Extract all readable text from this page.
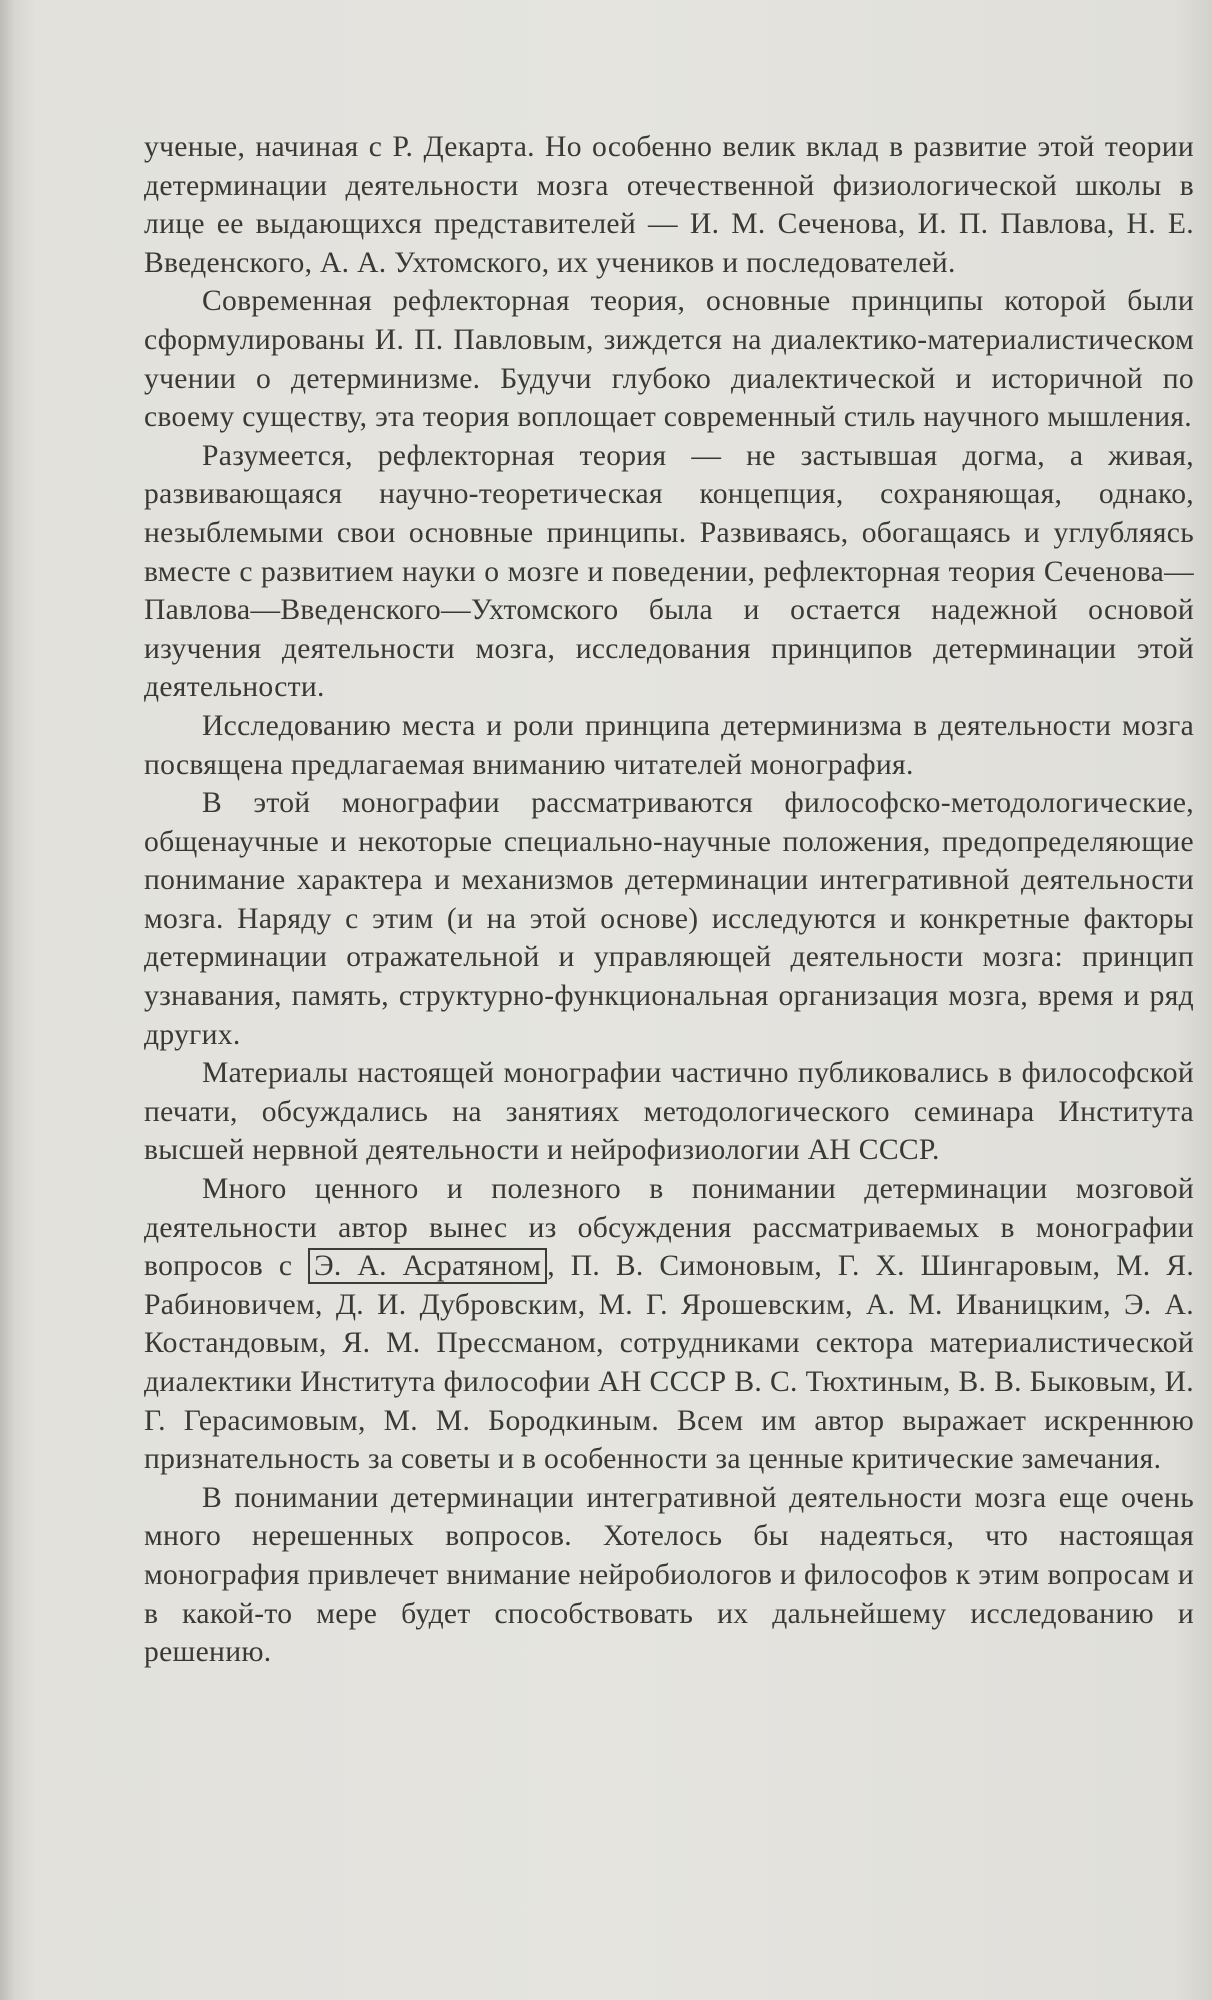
ученые, начиная с Р. Декарта. Но особенно велик вклад в развитие этой теории детерминации деятельности мозга отечественной физиологической школы в лице ее выдающихся представителей — И. М. Сеченова, И. П. Павлова, Н. Е. Введенского, А. А. Ухтомского, их учеников и последователей.

Современная рефлекторная теория, основные принципы которой были сформулированы И. П. Павловым, зиждется на диалектико-материалистическом учении о детерминизме. Будучи глубоко диалектической и историчной по своему существу, эта теория воплощает современный стиль научного мышления.

Разумеется, рефлекторная теория — не застывшая догма, а живая, развивающаяся научно-теоретическая концепция, сохраняющая, однако, незыблемыми свои основные принципы. Развиваясь, обогащаясь и углубляясь вместе с развитием науки о мозге и поведении, рефлекторная теория Сеченова—Павлова—Введенского—Ухтомского была и остается надежной основой изучения деятельности мозга, исследования принципов детерминации этой деятельности.

Исследованию места и роли принципа детерминизма в деятельности мозга посвящена предлагаемая вниманию читателей монография.

В этой монографии рассматриваются философско-методологические, общенаучные и некоторые специально-научные положения, предопределяющие понимание характера и механизмов детерминации интегративной деятельности мозга. Наряду с этим (и на этой основе) исследуются и конкретные факторы детерминации отражательной и управляющей деятельности мозга: принцип узнавания, память, структурно-функциональная организация мозга, время и ряд других.

Материалы настоящей монографии частично публиковались в философской печати, обсуждались на занятиях методологического семинара Института высшей нервной деятельности и нейрофизиологии АН СССР.

Много ценного и полезного в понимании детерминации мозговой деятельности автор вынес из обсуждения рассматриваемых в монографии вопросов с Э. А. Асратяном , П. В. Симоновым, Г. Х. Шингаровым, М. Я. Рабиновичем, Д. И. Дубровским, М. Г. Ярошевским, А. М. Иваницким, Э. А. Костандовым, Я. М. Прессманом, сотрудниками сектора материалистической диалектики Института философии АН СССР В. С. Тюхтиным, В. В. Быковым, И. Г. Герасимовым, М. М. Бородкиным. Всем им автор выражает искреннюю признательность за советы и в особенности за ценные критические замечания.

В понимании детерминации интегративной деятельности мозга еще очень много нерешенных вопросов. Хотелось бы надеяться, что настоящая монография привлечет внимание нейробиологов и философов к этим вопросам и в какой-то мере будет способствовать их дальнейшему исследованию и решению.
